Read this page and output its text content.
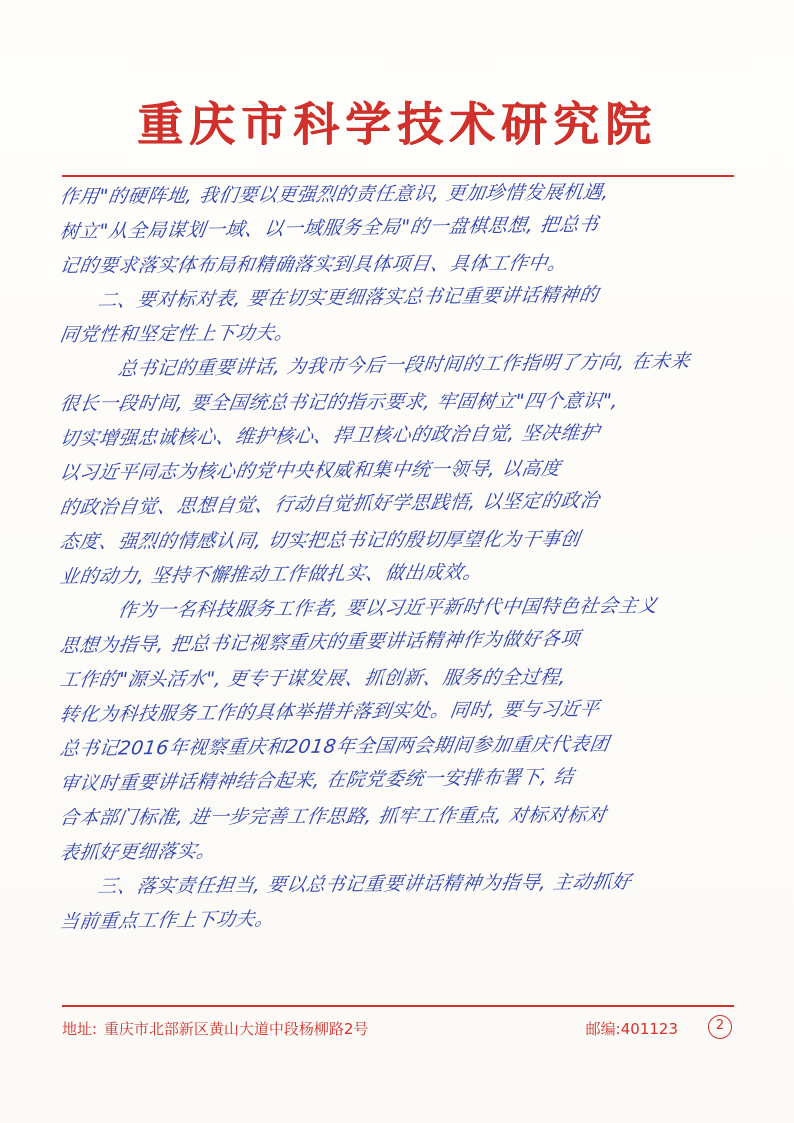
重庆市科学技术研究院
作用"的硬阵地, 我们要以更强烈的责任意识, 更加珍惜发展机遇,
树立"从全局谋划一域、以一域服务全局"的一盘棋思想, 把总书
记的要求落实体布局和精确落实到具体项目、具体工作中。
二、要对标对表, 要在切实更细落实总书记重要讲话精神的
同党性和坚定性上下功夫。
总书记的重要讲话, 为我市今后一段时间的工作指明了方向, 在未来
很长一段时间, 要全国统总书记的指示要求, 牢固树立"四个意识",
切实增强忠诚核心、维护核心、捍卫核心的政治自觉, 坚决维护
以习近平同志为核心的党中央权威和集中统一领导, 以高度
的政治自觉、思想自觉、行动自觉抓好学思践悟, 以坚定的政治
态度、强烈的情感认同, 切实把总书记的殷切厚望化为干事创
业的动力, 坚持不懈推动工作做扎实、做出成效。
作为一名科技服务工作者, 要以习近平新时代中国特色社会主义
思想为指导, 把总书记视察重庆的重要讲话精神作为做好各项
工作的"源头活水", 更专于谋发展、抓创新、服务的全过程,
转化为科技服务工作的具体举措并落到实处。同时, 要与习近平
总书记2016年视察重庆和2018年全国两会期间参加重庆代表团
审议时重要讲话精神结合起来, 在院党委统一安排布署下, 结
合本部门标准, 进一步完善工作思路, 抓牢工作重点, 对标对标对
表抓好更细落实。
三、落实责任担当, 要以总书记重要讲话精神为指导, 主动抓好
当前重点工作上下功夫。
地址: 重庆市北部新区黄山大道中段杨柳路2号	邮编:401123	2
